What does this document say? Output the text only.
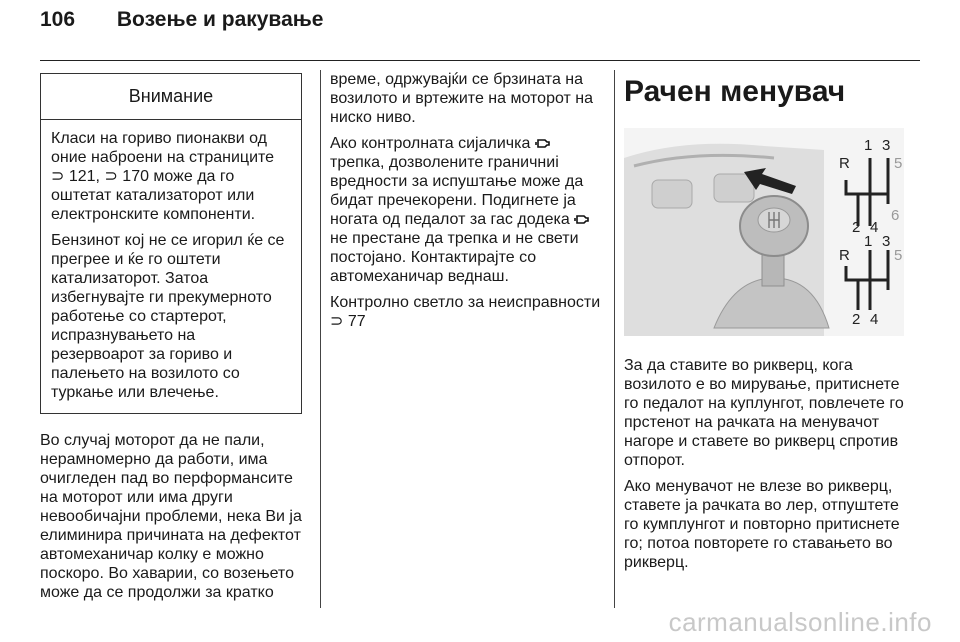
106 Возење и ракување
Внимание

Класи на гориво пионакви од оние наброени на страниците ⊃ 121, ⊃ 170 може да го оштетат катализаторот или електронските компоненти.

Бензинот кој не се игорил ќе се прегрее и ќе го оштети катализаторот. Затоа избегнувајте ги прекумерното работење со стартерот, испразнувањето на резервоарот за гориво и палењето на возилото со туркање или влечење.

Во случај моторот да не пали, нерамномерно да работи, има очигледен пад во перформансите на моторот или има други невообичајни проблеми, нека Ви ја елиминира причината на дефектот автомеханичар колку е можно поскоро. Во хаварии, со возењето може да се продолжи за кратко

време, одржувајќи се брзината на возилото и вртежите на моторот на ниско ниво.

Ако контролната сијаличка  трепка, дозволените граничниі вредности за испуштање може да бидат пречекорени. Подигнете ја ногата од педалот за гас додека  не престане да трепка и не свети постојано. Контактирајте со автомеханичар веднаш.

Контролно светло за неисправности ⊃ 77

Рачен менувач
R
1 3
5
2 4
6
R
1 3
5
2 4

За да ставите во рикверц, кога возилото е во мирување, притиснете го педалот на куплунгот, повлечете го прстенот на рачката на менувачот нагоре и ставете во рикверц спротив отпорот.

Ако менувачот не влезе во рикверц, ставете ја рачката во лер, отпуштете го кумплунгот и повторно притиснете го; потоа повторете го ставањето во рикверц.

carmanualsonline.info
